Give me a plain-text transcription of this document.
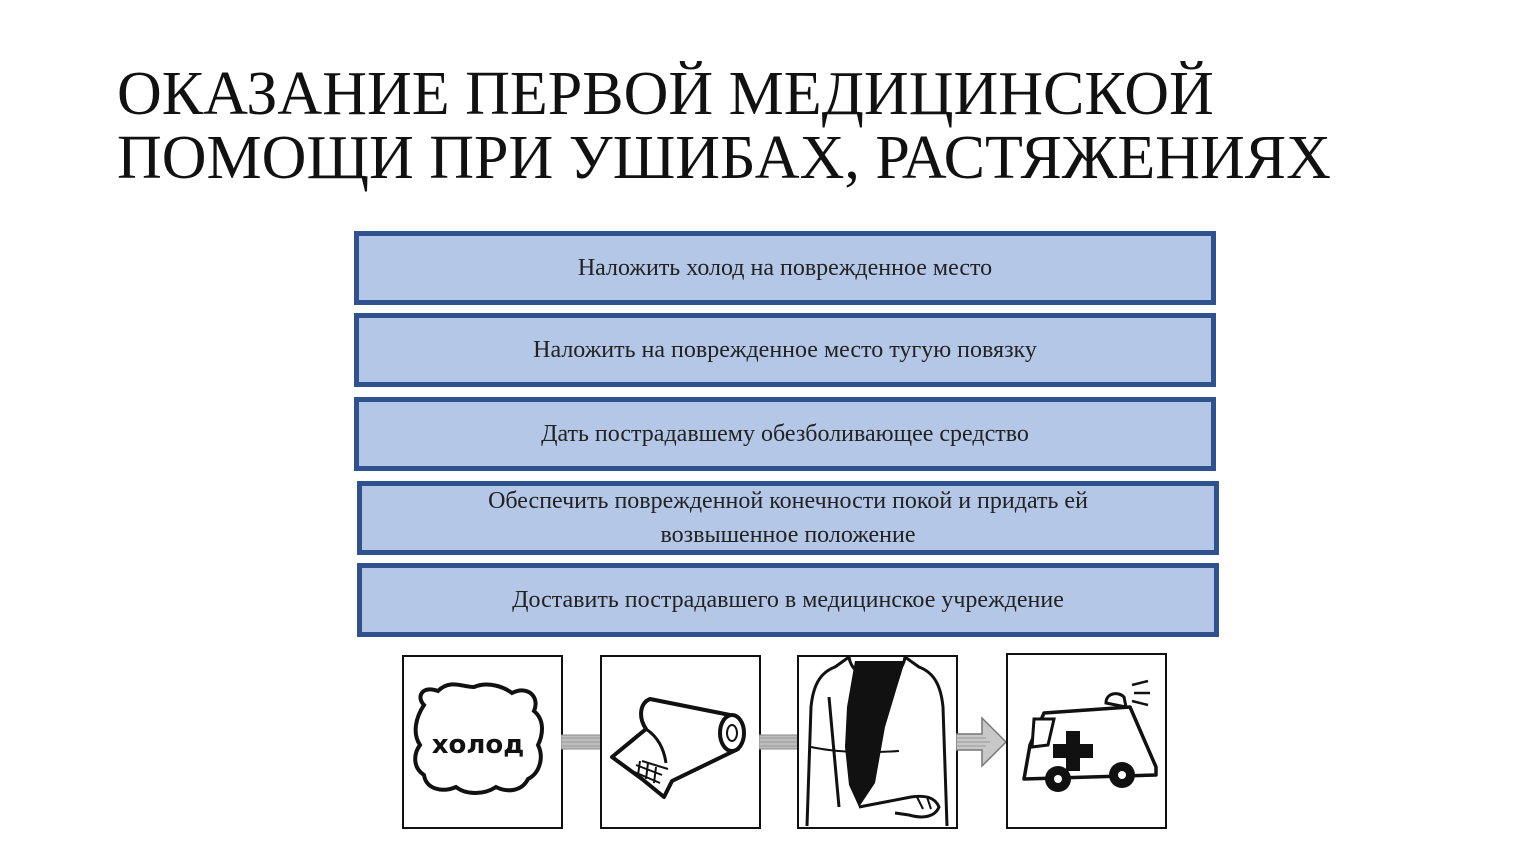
ОКАЗАНИЕ ПЕРВОЙ МЕДИЦИНСКОЙ
ПОМОЩИ ПРИ УШИБАХ, РАСТЯЖЕНИЯХ
Наложить холод на поврежденное место
Наложить на поврежденное место тугую повязку
Дать пострадавшему обезболивающее средство
Обеспечить поврежденной конечности покой и придать ей
возвышенное положение
Доставить пострадавшего в медицинское учреждение
холод
